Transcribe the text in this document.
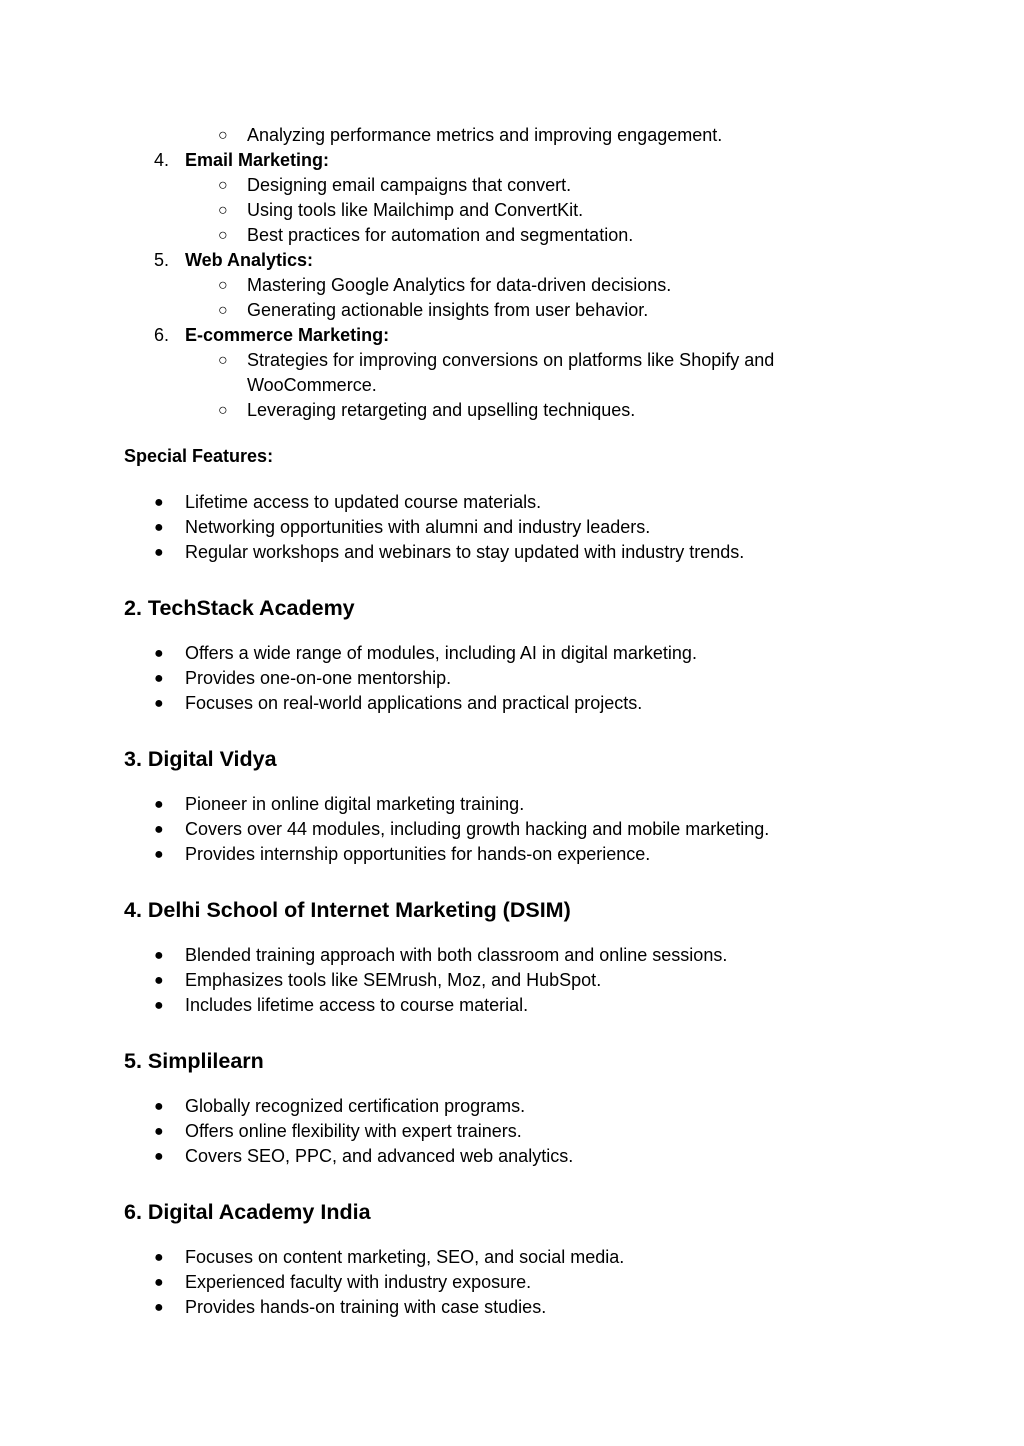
○ Analyzing performance metrics and improving engagement.
4. Email Marketing:
○ Designing email campaigns that convert.
○ Using tools like Mailchimp and ConvertKit.
○ Best practices for automation and segmentation.
5. Web Analytics:
○ Mastering Google Analytics for data-driven decisions.
○ Generating actionable insights from user behavior.
6. E-commerce Marketing:
○ Strategies for improving conversions on platforms like Shopify and
WooCommerce.
○ Leveraging retargeting and upselling techniques.
Special Features:
● Lifetime access to updated course materials.
● Networking opportunities with alumni and industry leaders.
● Regular workshops and webinars to stay updated with industry trends.
2. TechStack Academy
● Offers a wide range of modules, including AI in digital marketing.
● Provides one-on-one mentorship.
● Focuses on real-world applications and practical projects.
3. Digital Vidya
● Pioneer in online digital marketing training.
● Covers over 44 modules, including growth hacking and mobile marketing.
● Provides internship opportunities for hands-on experience.
4. Delhi School of Internet Marketing (DSIM)
● Blended training approach with both classroom and online sessions.
● Emphasizes tools like SEMrush, Moz, and HubSpot.
● Includes lifetime access to course material.
5. Simplilearn
● Globally recognized certification programs.
● Offers online flexibility with expert trainers.
● Covers SEO, PPC, and advanced web analytics.
6. Digital Academy India
● Focuses on content marketing, SEO, and social media.
● Experienced faculty with industry exposure.
● Provides hands-on training with case studies.
